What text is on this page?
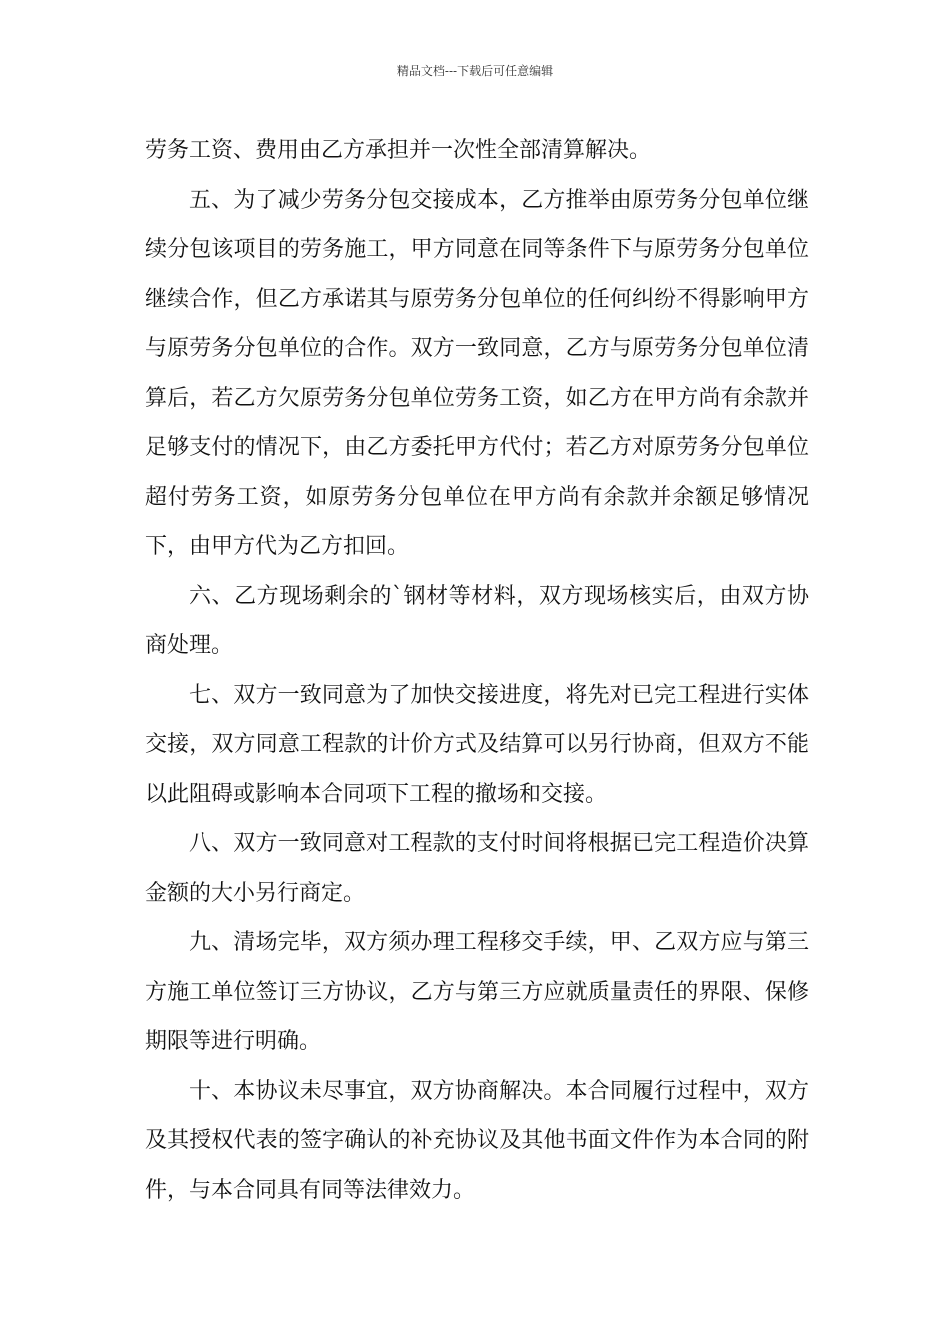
精品文档---下载后可任意编辑

劳务工资、费用由乙方承担并一次性全部清算解决。

五、为了减少劳务分包交接成本，乙方推举由原劳务分包单位继续分包该项目的劳务施工，甲方同意在同等条件下与原劳务分包单位继续合作，但乙方承诺其与原劳务分包单位的任何纠纷不得影响甲方与原劳务分包单位的合作。双方一致同意，乙方与原劳务分包单位清算后，若乙方欠原劳务分包单位劳务工资，如乙方在甲方尚有余款并足够支付的情况下，由乙方委托甲方代付；若乙方对原劳务分包单位超付劳务工资，如原劳务分包单位在甲方尚有余款并余额足够情况下，由甲方代为乙方扣回。

六、乙方现场剩余的`钢材等材料，双方现场核实后，由双方协商处理。

七、双方一致同意为了加快交接进度，将先对已完工程进行实体交接，双方同意工程款的计价方式及结算可以另行协商，但双方不能以此阻碍或影响本合同项下工程的撤场和交接。

八、双方一致同意对工程款的支付时间将根据已完工程造价决算金额的大小另行商定。

九、清场完毕，双方须办理工程移交手续，甲、乙双方应与第三方施工单位签订三方协议，乙方与第三方应就质量责任的界限、保修期限等进行明确。

十、本协议未尽事宜，双方协商解决。本合同履行过程中，双方及其授权代表的签字确认的补充协议及其他书面文件作为本合同的附件，与本合同具有同等法律效力。
